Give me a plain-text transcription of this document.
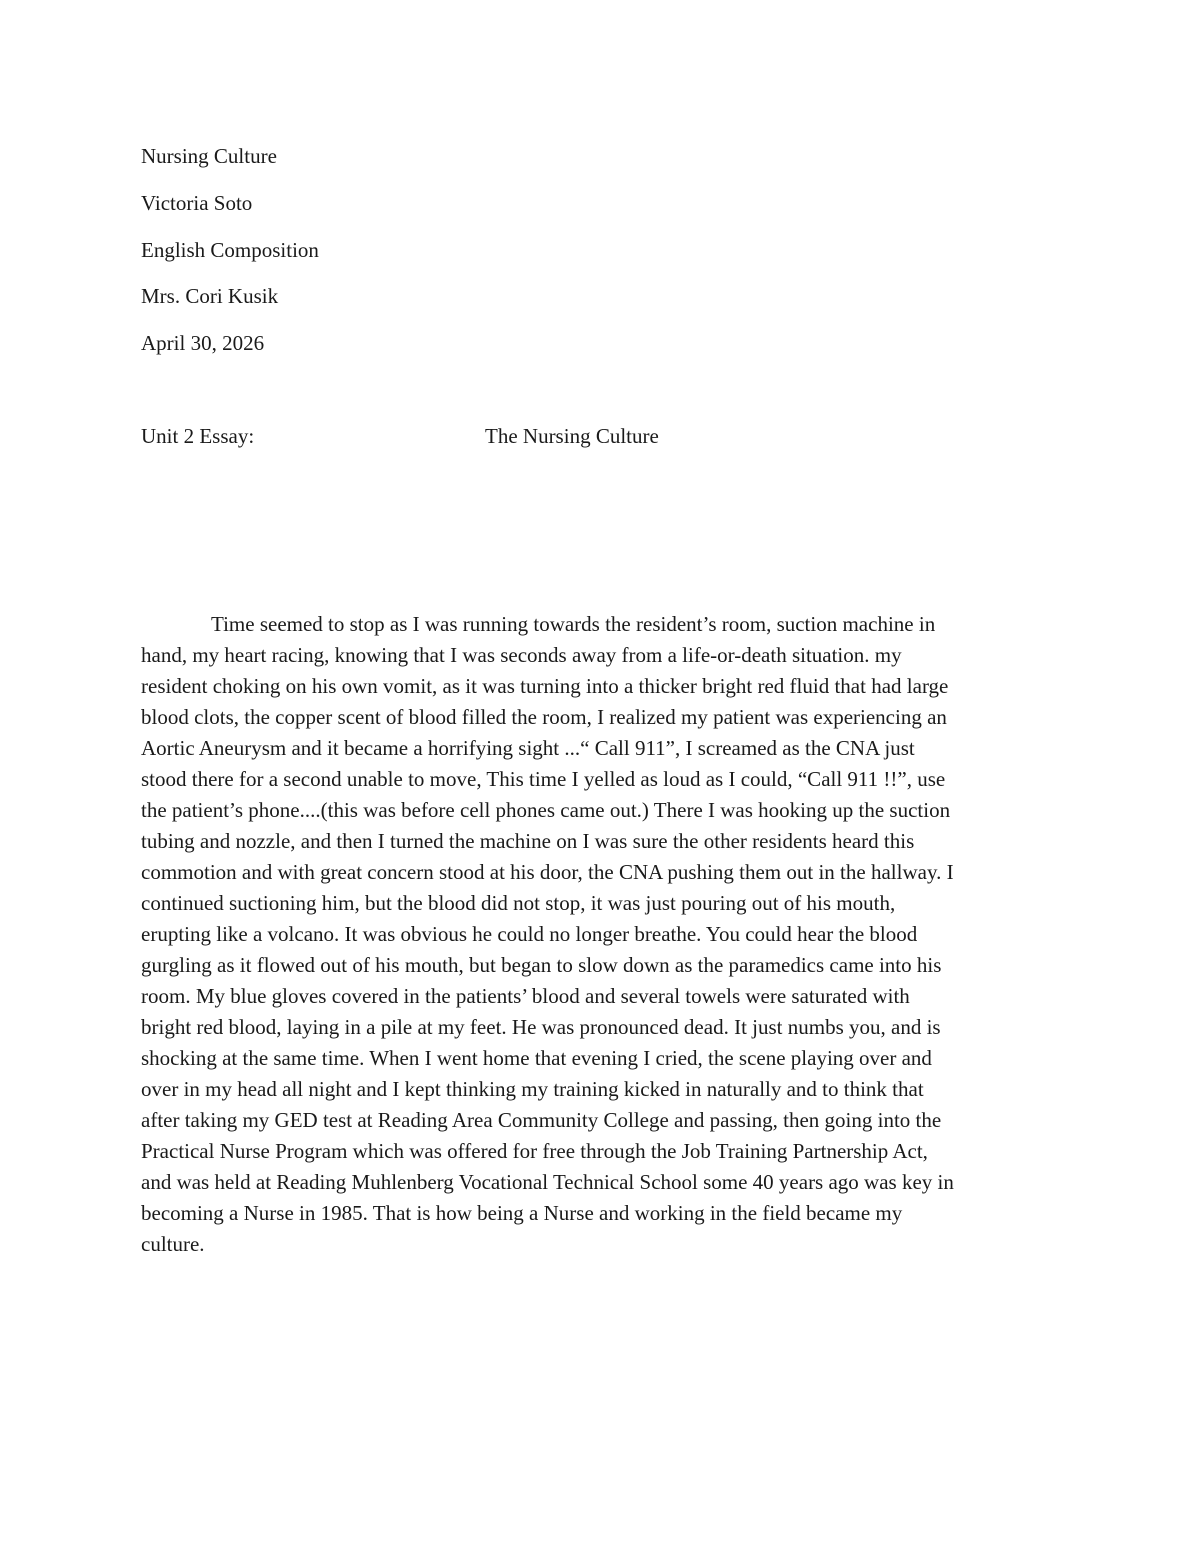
Nursing Culture
Victoria Soto
English Composition
Mrs. Cori Kusik
April 30, 2026
Unit 2 Essay:	The Nursing Culture
Time seemed to stop as I was running towards the resident’s room, suction machine in
hand, my heart racing, knowing that I was seconds away from a life-or-death situation. my
resident choking on his own vomit, as it was turning into a thicker bright red fluid that had large
blood clots, the copper scent of blood filled the room, I realized my patient was experiencing an
Aortic Aneurysm and it became a horrifying sight ...“ Call 911”, I screamed as the CNA just
stood there for a second unable to move, This time I yelled as loud as I could, “Call 911 !!”, use
the patient’s phone....(this was before cell phones came out.) There I was hooking up the suction
tubing and nozzle, and then I turned the machine on I was sure the other residents heard this
commotion and with great concern stood at his door, the CNA pushing them out in the hallway. I
continued suctioning him, but the blood did not stop, it was just pouring out of his mouth,
erupting like a volcano. It was obvious he could no longer breathe. You could hear the blood
gurgling as it flowed out of his mouth, but began to slow down as the paramedics came into his
room. My blue gloves covered in the patients’ blood and several towels were saturated with
bright red blood, laying in a pile at my feet. He was pronounced dead. It just numbs you, and is
shocking at the same time. When I went home that evening I cried, the scene playing over and
over in my head all night and I kept thinking my training kicked in naturally and to think that
after taking my GED test at Reading Area Community College and passing, then going into the
Practical Nurse Program which was offered for free through the Job Training Partnership Act,
and was held at Reading Muhlenberg Vocational Technical School some 40 years ago was key in
becoming a Nurse in 1985. That is how being a Nurse and working in the field became my
culture.
